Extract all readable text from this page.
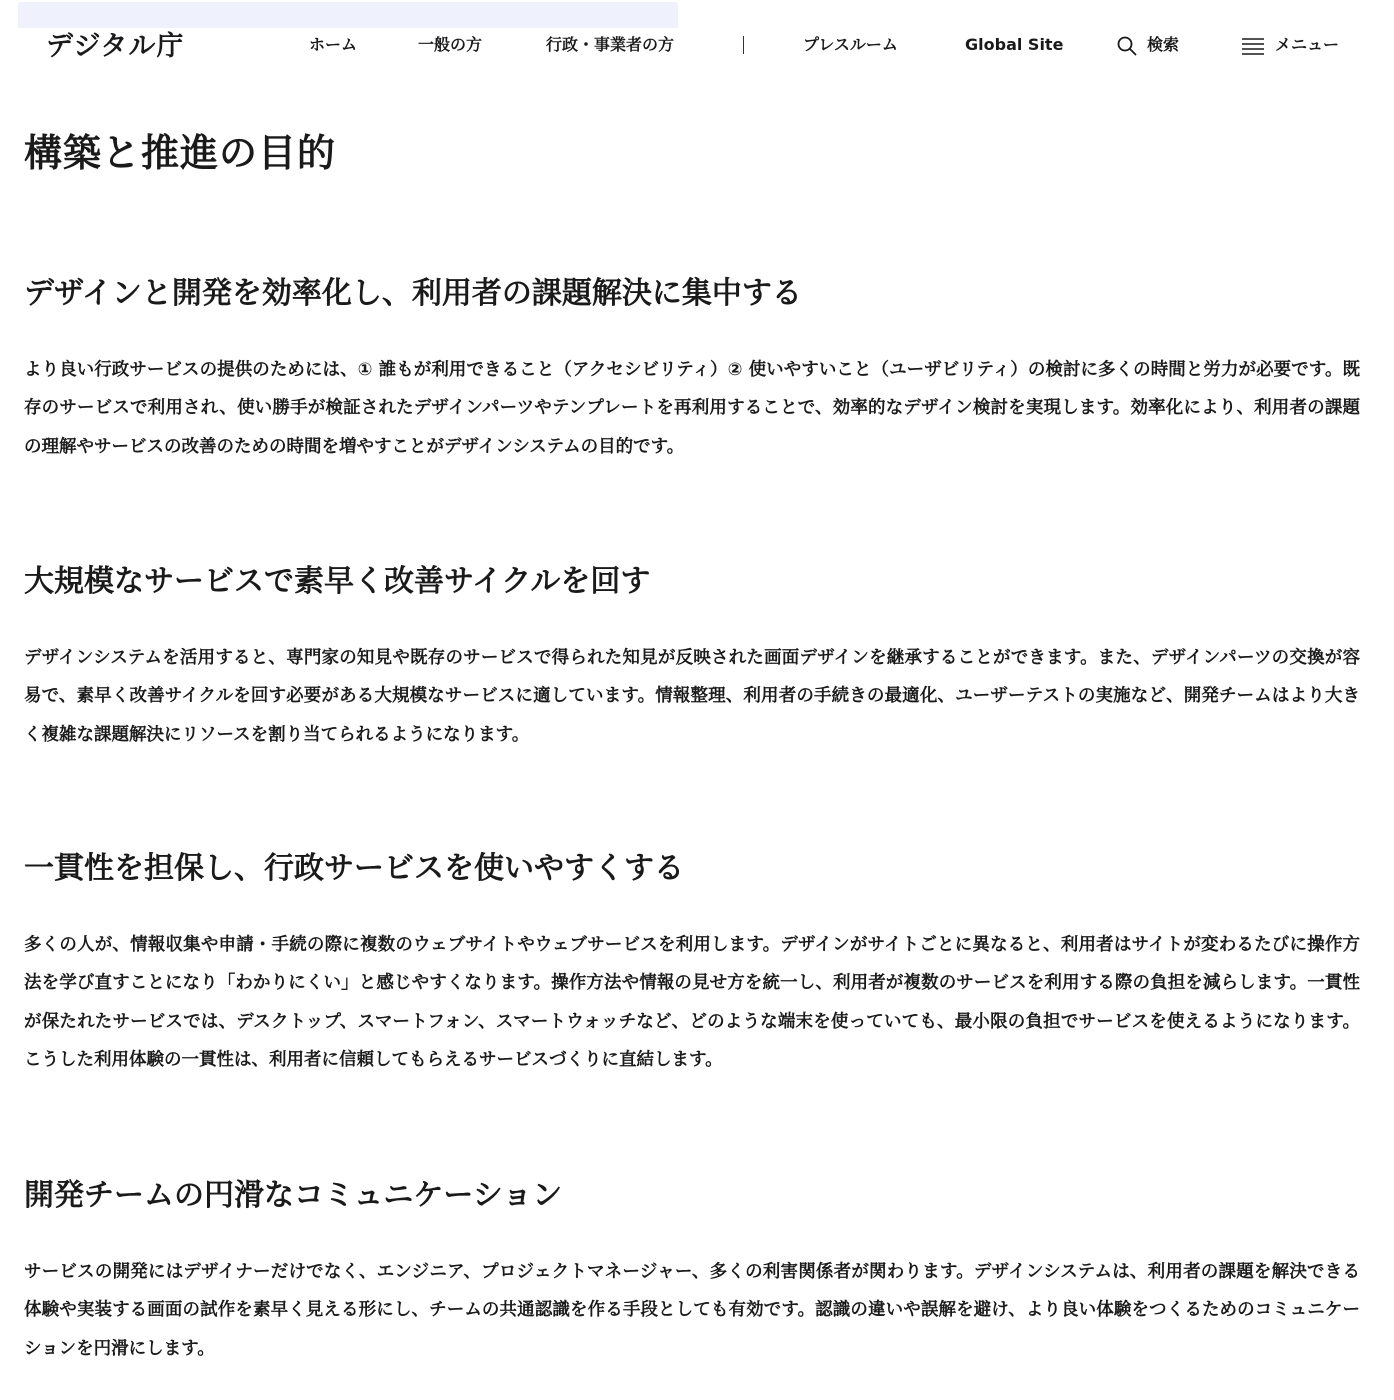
デジタル庁	ホーム	一般の方	行政・事業者の方	プレスルーム	Global Site	検索	メニュー
構築と推進の目的
デザインと開発を効率化し、利用者の課題解決に集中する

より良い行政サービスの提供のためには、① 誰もが利用できること（アクセシビリティ）② 使いやすいこと（ユーザビリティ）の検討に多くの時間と労力が必要です。既存のサービスで利用され、使い勝手が検証されたデザインパーツやテンプレートを再利用することで、効率的なデザイン検討を実現します。効率化により、利用者の課題の理解やサービスの改善のための時間を増やすことがデザインシステムの目的です。

大規模なサービスで素早く改善サイクルを回す

デザインシステムを活用すると、専門家の知見や既存のサービスで得られた知見が反映された画面デザインを継承することができます。また、デザインパーツの交換が容易で、素早く改善サイクルを回す必要がある大規模なサービスに適しています。情報整理、利用者の手続きの最適化、ユーザーテストの実施など、開発チームはより大きく複雑な課題解決にリソースを割り当てられるようになります。

一貫性を担保し、行政サービスを使いやすくする

多くの人が、情報収集や申請・手続の際に複数のウェブサイトやウェブサービスを利用します。デザインがサイトごとに異なると、利用者はサイトが変わるたびに操作方法を学び直すことになり「わかりにくい」と感じやすくなります。操作方法や情報の見せ方を統一し、利用者が複数のサービスを利用する際の負担を減らします。一貫性が保たれたサービスでは、デスクトップ、スマートフォン、スマートウォッチなど、どのような端末を使っていても、最小限の負担でサービスを使えるようになります。こうした利用体験の一貫性は、利用者に信頼してもらえるサービスづくりに直結します。

開発チームの円滑なコミュニケーション

サービスの開発にはデザイナーだけでなく、エンジニア、プロジェクトマネージャー、多くの利害関係者が関わります。デザインシステムは、利用者の課題を解決できる体験や実装する画面の試作を素早く見える形にし、チームの共通認識を作る手段としても有効です。認識の違いや誤解を避け、より良い体験をつくるためのコミュニケーションを円滑にします。
